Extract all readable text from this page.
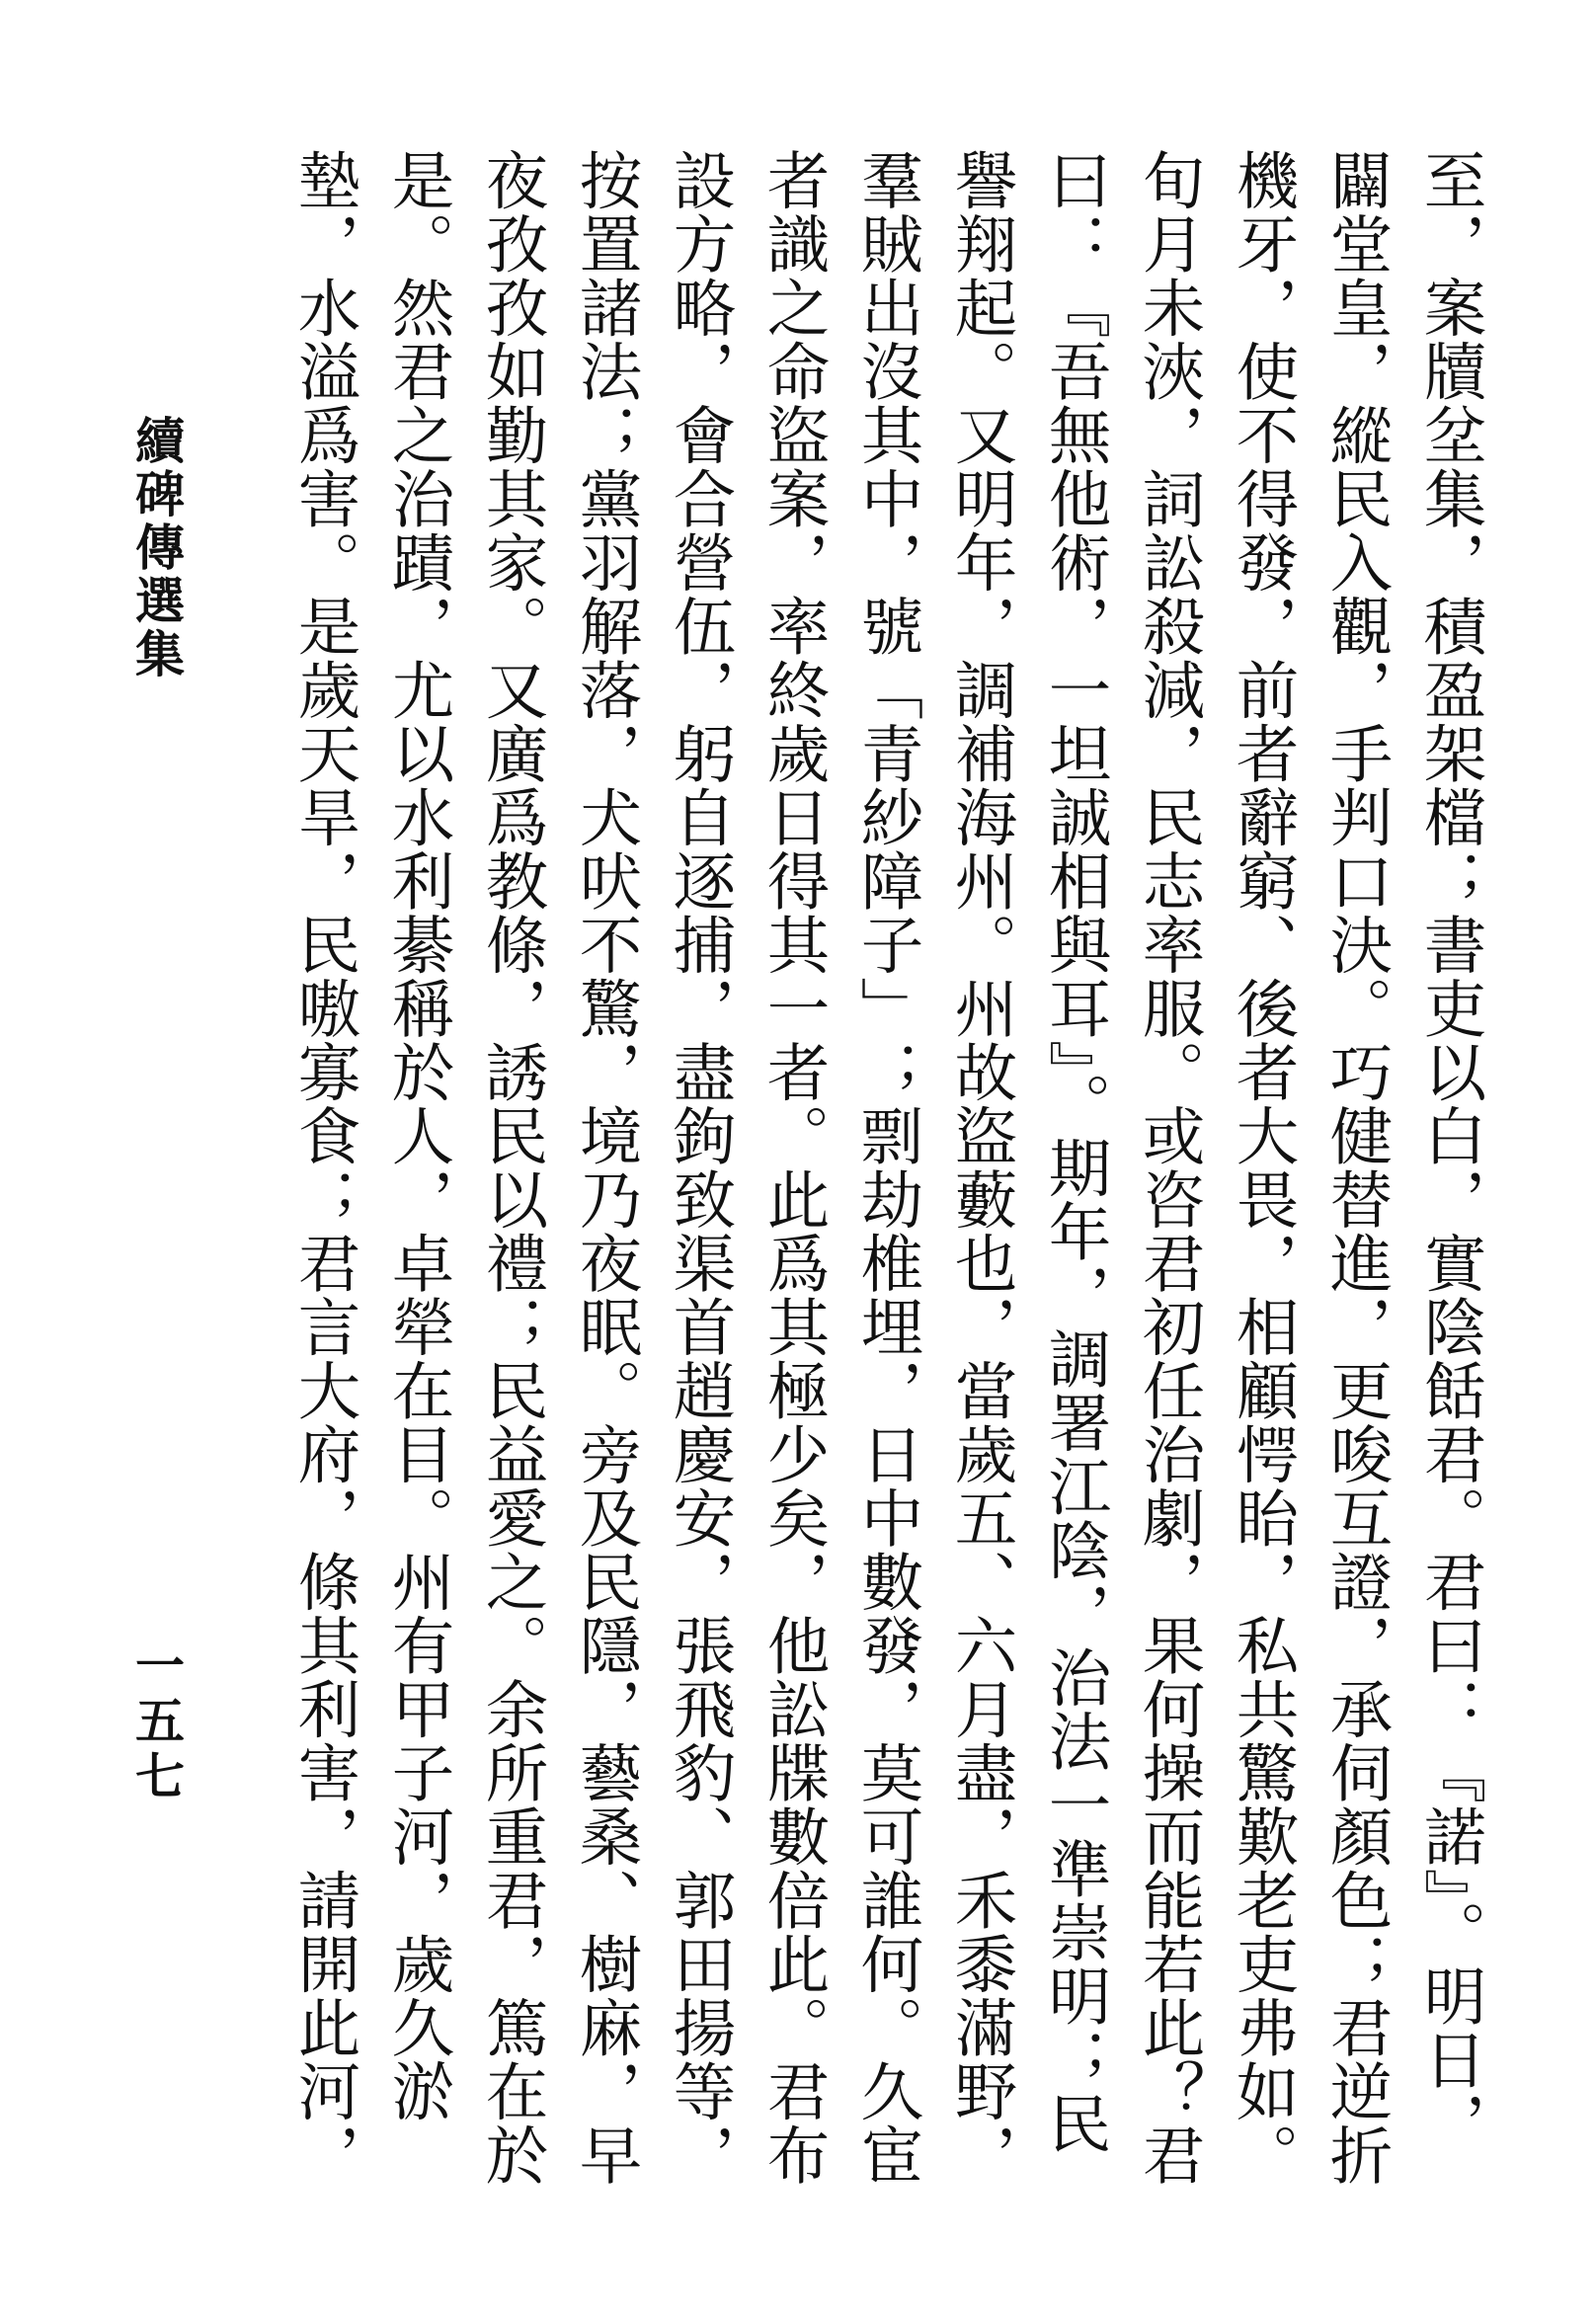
至，案牘坌集，積盈架檔；書吏以白，實陰餂君。君曰：『諾』。明日，闢堂皇，縱民入觀，手判口決。巧健替進，更唆互證，承伺顏色；君逆折機牙，使不得發，前者辭窮、後者大畏，相顧愕眙，私共驚歎老吏弗如。旬月未浹，詞訟殺減，民志率服。或咨君初任治劇，果何操而能若此？君曰：『吾無他術，一坦誠相與耳』。期年，調署江陰，治法一準崇明；民譽翔起。又明年，調補海州。州故盜藪也，當歲五、六月盡，禾黍滿野，羣賊出沒其中，號「青紗障子」；剽劫椎埋，日中數發，莫可誰何。久宦者識之命盜案，率終歲日得其一者。此爲其極少矣，他訟牒數倍此。君布設方略，會合營伍，躬自逐捕，盡鉤致渠首趙慶安，張飛豹、郭田揚等，按置諸法；黨羽解落，犬吠不驚，境乃夜眠。旁及民隱，藝桑、樹麻，早夜孜孜如勤其家。又廣爲教條，誘民以禮；民益愛之。余所重君，篤在於是。然君之治蹟，尤以水利綦稱於人，卓犖在目。州有甲子河，歲久淤墊，水溢爲害。是歲天旱，民嗷寡食；君言大府，條其利害，請開此河，

續碑傳選集
一五七
